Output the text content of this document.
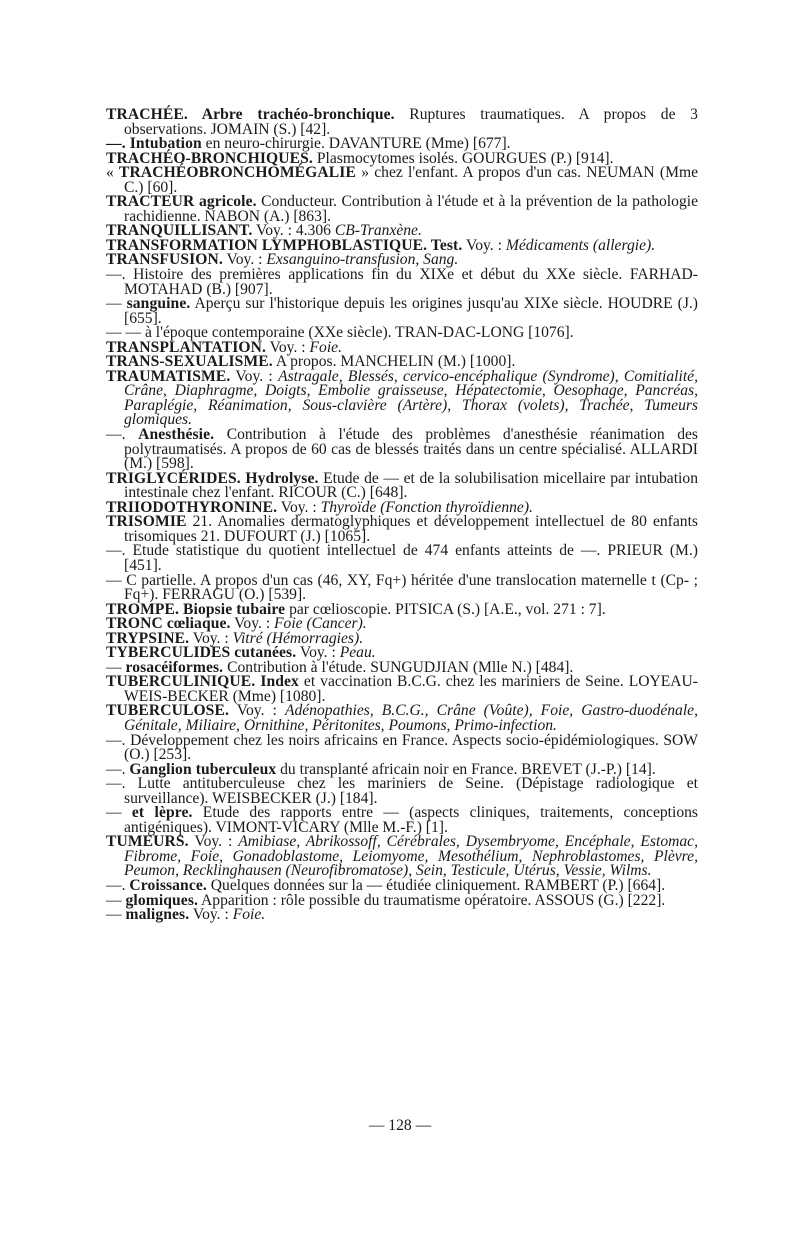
TRACHÉE. Arbre trachéo-bronchique. Ruptures traumatiques. A propos de 3 observations. JOMAIN (S.) [42].

—. Intubation en neuro-chirurgie. DAVANTURE (Mme) [677].

TRACHÉO-BRONCHIQUES. Plasmocytomes isolés. GOURGUES (P.) [914].

« TRACHÉOBRONCHOMÉGALIE » chez l'enfant. A propos d'un cas. NEUMAN (Mme C.) [60].

TRACTEUR agricole. Conducteur. Contribution à l'étude et à la prévention de la pathologie rachidienne. NABON (A.) [863].

TRANQUILLISANT. Voy. : 4.306 CB-Tranxène.

TRANSFORMATION LYMPHOBLASTIQUE. Test. Voy. : Médicaments (allergie).

TRANSFUSION. Voy. : Exsanguino-transfusion, Sang.

—. Histoire des premières applications fin du XIXe et début du XXe siècle. FARHAD-MOTAHAD (B.) [907].

— sanguine. Aperçu sur l'historique depuis les origines jusqu'au XIXe siècle. HOUDRE (J.) [655].

— — à l'époque contemporaine (XXe siècle). TRAN-DAC-LONG [1076].

TRANSPLANTATION. Voy. : Foie.

TRANS-SEXUALISME. A propos. MANCHELIN (M.) [1000].

TRAUMATISME. Voy. : Astragale, Blessés, cervico-encéphalique (Syndrome), Comitialité, Crâne, Diaphragme, Doigts, Embolie graisseuse, Hépatectomie, Oesophage, Pancréas, Paraplégie, Réanimation, Sous-clavière (Artère), Thorax (volets), Trachée, Tumeurs glomiques.

—. Anesthésie. Contribution à l'étude des problèmes d'anesthésie réanimation des polytraumatisés. A propos de 60 cas de blessés traités dans un centre spécialisé. ALLARDI (M.) [598].

TRIGLYCÉRIDES. Hydrolyse. Etude de — et de la solubilisation micellaire par intubation intestinale chez l'enfant. RICOUR (C.) [648].

TRIIODOTHYRONINE. Voy. : Thyroïde (Fonction thyroïdienne).

TRISOMIE 21. Anomalies dermatoglyphiques et développement intellectuel de 80 enfants trisomiques 21. DUFOURT (J.) [1065].

—. Etude statistique du quotient intellectuel de 474 enfants atteints de —. PRIEUR (M.) [451].

— C partielle. A propos d'un cas (46, XY, Fq+) héritée d'une translocation maternelle t (Cp- ; Fq+). FERRAGU (O.) [539].

TROMPE. Biopsie tubaire par cœlioscopie. PITSICA (S.) [A.E., vol. 271 : 7].

TRONC cœliaque. Voy. : Foie (Cancer).

TRYPSINE. Voy. : Vitré (Hémorragies).

TYBERCULIDES cutanées. Voy. : Peau.

— rosacéiformes. Contribution à l'étude. SUNGUDJIAN (Mlle N.) [484].

TUBERCULINIQUE. Index et vaccination B.C.G. chez les mariniers de Seine. LOYEAU-WEIS-BECKER (Mme) [1080].

TUBERCULOSE. Voy. : Adénopathies, B.C.G., Crâne (Voûte), Foie, Gastro-duodénale, Génitale, Miliaire, Ornithine, Péritonites, Poumons, Primo-infection.

—. Développement chez les noirs africains en France. Aspects socio-épidémiologiques. SOW (O.) [253].

—. Ganglion tuberculeux du transplanté africain noir en France. BREVET (J.-P.) [14].

—. Lutte antituberculeuse chez les mariniers de Seine. (Dépistage radiologique et surveillance). WEISBECKER (J.) [184].

— et lèpre. Etude des rapports entre — (aspects cliniques, traitements, conceptions antigéniques). VIMONT-VICARY (Mlle M.-F.) [1].

TUMEURS. Voy. : Amibiase, Abrikossoff, Cérébrales, Dysembryome, Encéphale, Estomac, Fibrome, Foie, Gonadoblastome, Leiomyome, Mesothélium, Nephroblastomes, Plèvre, Peumon, Recklinghausen (Neurofibromatose), Sein, Testicule, Utérus, Vessie, Wilms.

—. Croissance. Quelques données sur la — étudiée cliniquement. RAMBERT (P.) [664].

— glomiques. Apparition : rôle possible du traumatisme opératoire. ASSOUS (G.) [222].

— malignes. Voy. : Foie.

— 128 —
